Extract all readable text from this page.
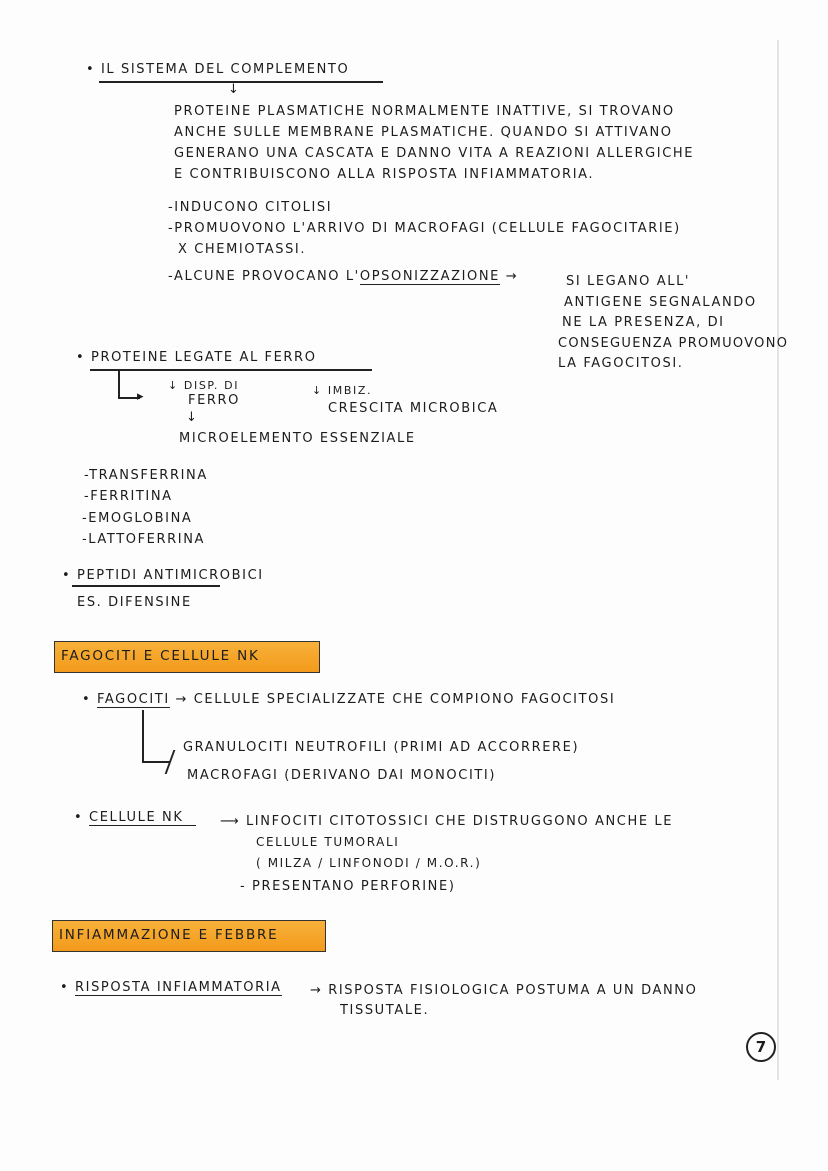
• IL SISTEMA DEL COMPLEMENTO
↓
PROTEINE PLASMATICHE NORMALMENTE INATTIVE, SI TROVANO
ANCHE SULLE MEMBRANE PLASMATICHE. QUANDO SI ATTIVANO
GENERANO UNA CASCATA E DANNO VITA A REAZIONI ALLERGICHE
E CONTRIBUISCONO ALLA RISPOSTA INFIAMMATORIA.
-INDUCONO CITOLISI
-PROMUOVONO L'ARRIVO DI MACROFAGI (CELLULE FAGOCITARIE)
X CHEMIOTASSI.
-ALCUNE PROVOCANO L'OPSONIZZAZIONE →	SI LEGANO ALL'
ANTIGENE SEGNALANDO
NE LA PRESENZA, DI
CONSEGUENZA PROMUOVONO
LA FAGOCITOSI.
• PROTEINE LEGATE AL FERRO
▸
↓ DISP. DI
FERRO
↓ IMBIZ.
CRESCITA MICROBICA
↓
MICROELEMENTO ESSENZIALE
-TRANSFERRINA
-FERRITINA
-EMOGLOBINA
-LATTOFERRINA
• PEPTIDI ANTIMICROBICI
ES. DIFENSINE
FAGOCITI E CELLULE NK
• FAGOCITI → CELLULE SPECIALIZZATE CHE COMPIONO FAGOCITOSI
GRANULOCITI NEUTROFILI (PRIMI AD ACCORRERE)
MACROFAGI (DERIVANO DAI MONOCITI)
• CELLULE NK	⟶ LINFOCITI CITOTOSSICI CHE DISTRUGGONO ANCHE LE
CELLULE TUMORALI
( MILZA / LINFONODI / M.O.R.)
- PRESENTANO PERFORINE)
INFIAMMAZIONE E FEBBRE
• RISPOSTA INFIAMMATORIA → RISPOSTA FISIOLOGICA POSTUMA A UN DANNO
TISSUTALE.
7
